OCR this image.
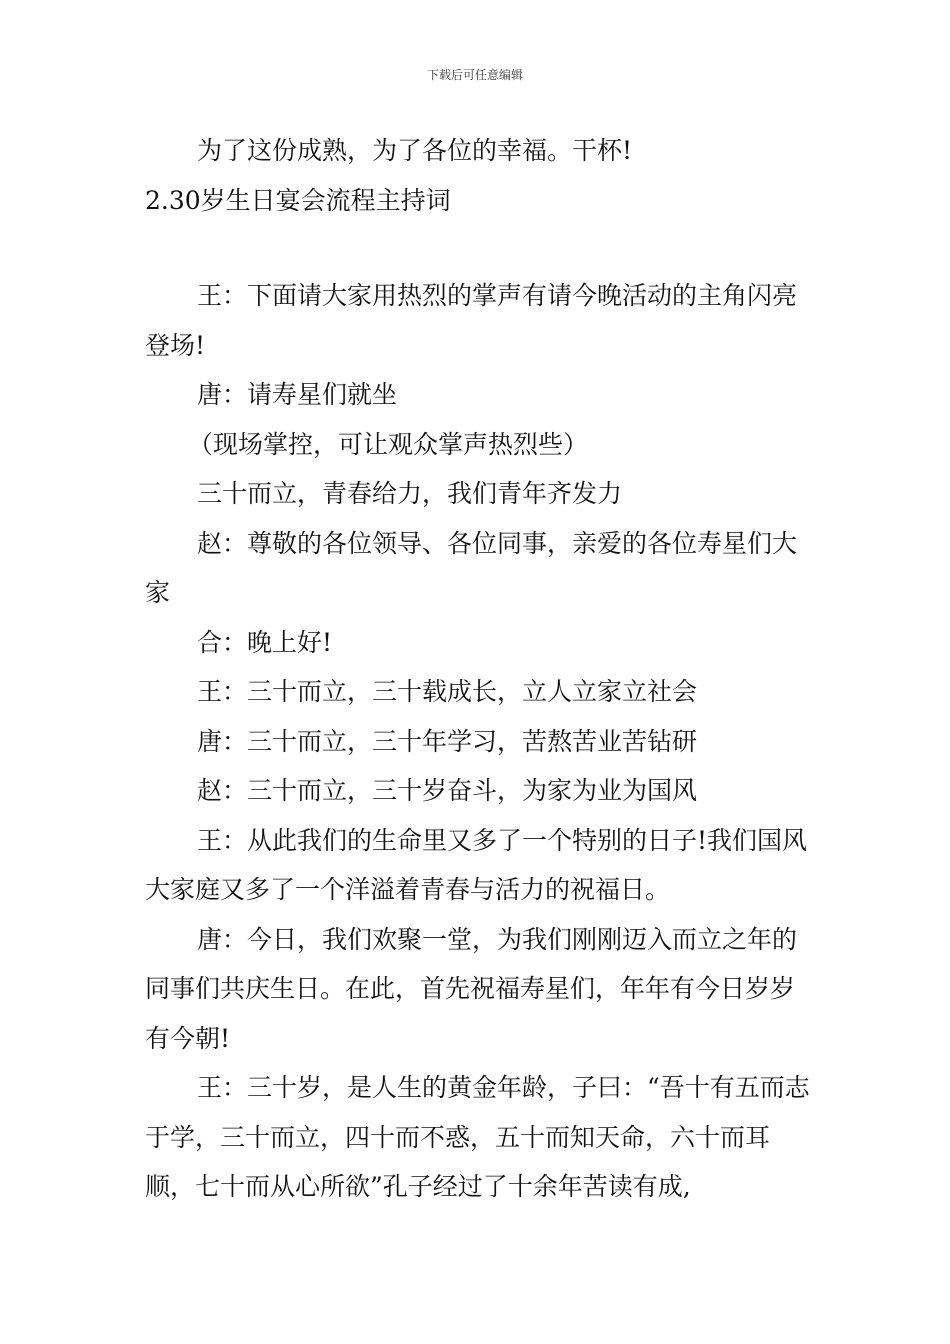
下载后可任意编辑

为了这份成熟，为了各位的幸福。干杯!

2.30岁生日宴会流程主持词

王：下面请大家用热烈的掌声有请今晚活动的主角闪亮登场!

唐：请寿星们就坐

（现场掌控，可让观众掌声热烈些）

三十而立，青春给力，我们青年齐发力

赵：尊敬的各位领导、各位同事，亲爱的各位寿星们大家

合：晚上好!

王：三十而立，三十载成长，立人立家立社会

唐：三十而立，三十年学习，苦熬苦业苦钻研

赵：三十而立，三十岁奋斗，为家为业为国风

王：从此我们的生命里又多了一个特别的日子!我们国风大家庭又多了一个洋溢着青春与活力的祝福日。

唐：今日，我们欢聚一堂，为我们刚刚迈入而立之年的同事们共庆生日。在此，首先祝福寿星们，年年有今日岁岁有今朝!

王：三十岁，是人生的黄金年龄，子曰：“吾十有五而志于学，三十而立，四十而不惑，五十而知天命，六十而耳顺，七十而从心所欲”孔子经过了十余年苦读有成,
